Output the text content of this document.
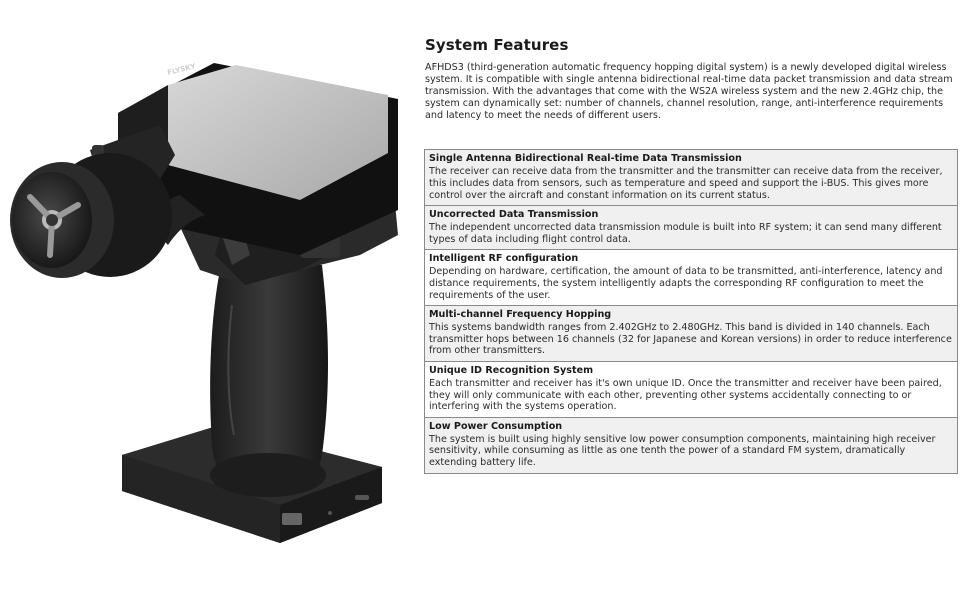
FLYSKY
System Features

AFHDS3 (third-generation automatic frequency hopping digital system) is a newly developed digital wireless system. It is compatible with single antenna bidirectional real-time data packet transmission and data stream transmission. With the advantages that come with the WS2A wireless system and the new 2.4GHz chip, the system can dynamically set: number of channels, channel resolution, range, anti-interference requirements and latency to meet the needs of different users.

Single Antenna Bidirectional Real-time Data Transmission
The receiver can receive data from the transmitter and the transmitter can receive data from the receiver, this includes data from sensors, such as temperature and speed and support the i-BUS. This gives more control over the aircraft and constant information on its current status.
Uncorrected Data Transmission
The independent uncorrected data transmission module is built into RF system; it can send many different types of data including flight control data.
Intelligent RF configuration
Depending on hardware, certification, the amount of data to be transmitted, anti-interference, latency and distance requirements, the system intelligently adapts the corresponding RF configuration to meet the requirements of the user.
Multi-channel Frequency Hopping
This systems bandwidth ranges from 2.402GHz to 2.480GHz. This band is divided in 140 channels. Each transmitter hops between 16 channels (32 for Japanese and Korean versions) in order to reduce interference from other transmitters.
Unique ID Recognition System
Each transmitter and receiver has it's own unique ID. Once the transmitter and receiver have been paired, they will only communicate with each other, preventing other systems accidentally connecting to or interfering with the systems operation.
Low Power Consumption
The system is built using highly sensitive low power consumption components, maintaining high receiver sensitivity, while consuming as little as one tenth the power of a standard FM system, dramatically extending battery life.
